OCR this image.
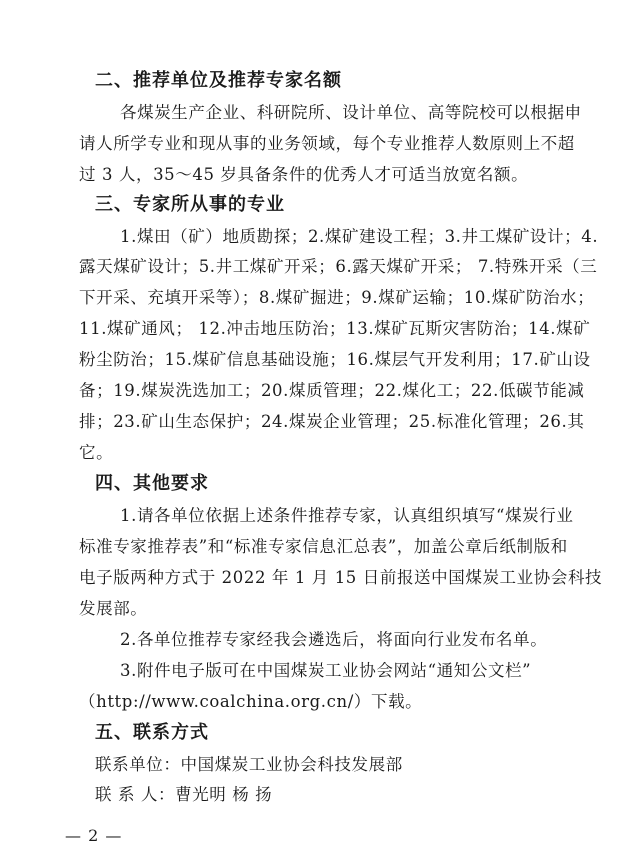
二、推荐单位及推荐专家名额
各煤炭生产企业、科研院所、设计单位、高等院校可以根据申
请人所学专业和现从事的业务领域，每个专业推荐人数原则上不超
过 3 人，35～45 岁具备条件的优秀人才可适当放宽名额。
三、专家所从事的专业
1.煤田（矿）地质勘探；2.煤矿建设工程；3.井工煤矿设计；4.
露天煤矿设计；5.井工煤矿开采；6.露天煤矿开采； 7.特殊开采（三
下开采、充填开采等）；8.煤矿掘进；9.煤矿运输；10.煤矿防治水；
11.煤矿通风； 12.冲击地压防治；13.煤矿瓦斯灾害防治；14.煤矿
粉尘防治；15.煤矿信息基础设施；16.煤层气开发利用；17.矿山设
备；19.煤炭洗选加工；20.煤质管理；22.煤化工；22.低碳节能减
排；23.矿山生态保护；24.煤炭企业管理；25.标准化管理；26.其
它。
四、其他要求
1.请各单位依据上述条件推荐专家，认真组织填写“煤炭行业
标准专家推荐表”和“标准专家信息汇总表”，加盖公章后纸制版和
电子版两种方式于 2022 年 1 月 15 日前报送中国煤炭工业协会科技
发展部。
2.各单位推荐专家经我会遴选后，将面向行业发布名单。
3.附件电子版可在中国煤炭工业协会网站“通知公文栏”
（http://www.coalchina.org.cn/）下载。
五、联系方式
联系单位：中国煤炭工业协会科技发展部
联 系 人：曹光明 杨 扬
— 2 —
